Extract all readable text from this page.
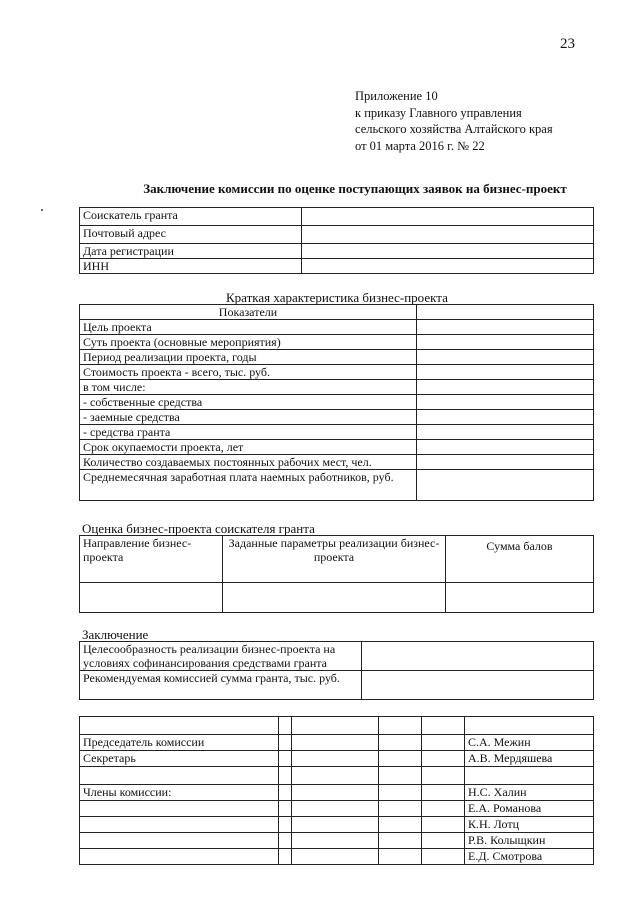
23
Приложение 10
к приказу Главного управления
сельского хозяйства Алтайского края
от 01 марта 2016 г. № 22
Заключение комиссии по оценке поступающих заявок на бизнес-проект
Соискатель гранта	
Почтовый адрес	
Дата регистрации	
ИНН	
Краткая характеристика бизнес-проекта
Показатели	
Цель проекта	
Суть проекта (основные мероприятия)	
Период реализации проекта, годы	
Стоимость проекта - всего, тыс. руб.	
в том числе:	
- собственные средства	
- заемные средства	
- средства гранта	
Срок окупаемости проекта, лет	
Количество создаваемых постоянных рабочих мест, чел.	
Среднемесячная заработная плата наемных работников, руб.	
Оценка бизнес-проекта соискателя гранта
Направление бизнес-проекта	Заданные параметры реализации бизнес-проекта	Сумма балов

Заключение
Целесообразность реализации бизнес-проекта на условиях софинансирования средствами гранта	
Рекомендуемая комиссией сумма гранта, тыс. руб.	

Председатель комиссии					С.А. Межин
Секретарь					А.В. Мердяшева

Члены комиссии:					Н.С. Халин
					Е.А. Романова
					К.Н. Лотц
					Р.В. Колыщкин
					Е.Д. Смотрова
